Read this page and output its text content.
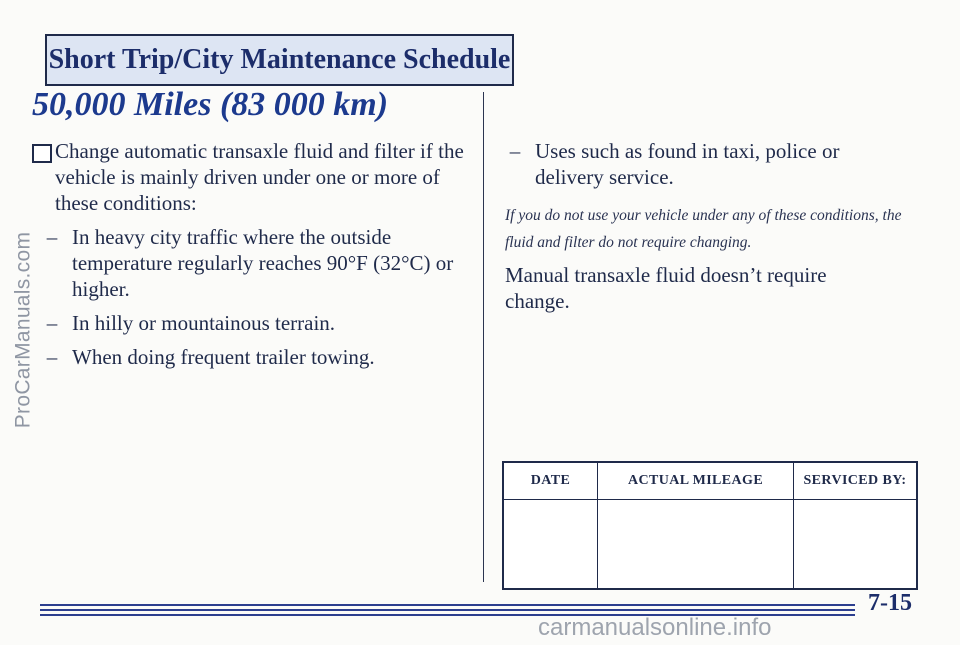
ProCarManuals.com
Short Trip/City Maintenance Schedule
50,000 Miles (83 000 km)
Change automatic transaxle fluid and filter if the vehicle is mainly driven under one or more of these conditions:
– In heavy city traffic where the outside temperature regularly reaches 90°F (32°C) or higher.
– In hilly or mountainous terrain.
– When doing frequent trailer towing.
– Uses such as found in taxi, police or delivery service.
If you do not use your vehicle under any of these conditions, the fluid and filter do not require changing.
Manual transaxle fluid doesn’t require change.
DATE	ACTUAL MILEAGE	SERVICED BY:

7-15
carmanualsonline.info
